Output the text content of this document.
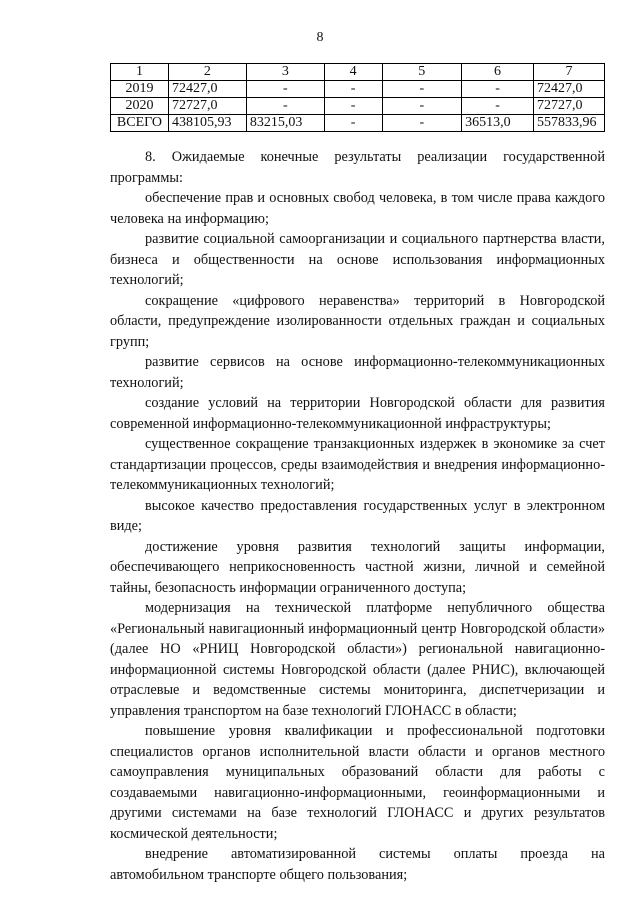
8
1	2	3	4	5	6	7
2019	72427,0	-	-	-	-	72427,0
2020	72727,0	-	-	-	-	72727,0
ВСЕГО	438105,93	83215,03	-	-	36513,0	557833,96

8. Ожидаемые конечные результаты реализации государственной программы:

обеспечение прав и основных свобод человека, в том числе права каждого человека на информацию;

развитие социальной самоорганизации и социального партнерства власти, бизнеса и общественности на основе использования информационных технологий;

сокращение «цифрового неравенства» территорий в Новгородской области, предупреждение изолированности отдельных граждан и социальных групп;

развитие сервисов на основе информационно-телекоммуникационных технологий;

создание условий на территории Новгородской области для развития современной информационно-телекоммуникационной инфраструктуры;

существенное сокращение транзакционных издержек в экономике за счет стандартизации процессов, среды взаимодействия и внедрения информационно-телекоммуникационных технологий;

высокое качество предоставления государственных услуг в электронном виде;

достижение уровня развития технологий защиты информации, обеспечивающего неприкосновенность частной жизни, личной и семейной тайны, безопасность информации ограниченного доступа;

модернизация на технической платформе непубличного общества «Региональный навигационный информационный центр Новгородской области» (далее НО «РНИЦ Новгородской области») региональной навигационно-информационной системы Новгородской области (далее РНИС), включающей отраслевые и ведомственные системы мониторинга, диспетчеризации и управления транспортом на базе технологий ГЛОНАСС в области;

повышение уровня квалификации и профессиональной подготовки специалистов органов исполнительной власти области и органов местного самоуправления муниципальных образований области для работы с создаваемыми навигационно-информационными, геоинформационными и другими системами на базе технологий ГЛОНАСС и других результатов космической деятельности;

внедрение автоматизированной системы оплаты проезда на автомобильном транспорте общего пользования;
